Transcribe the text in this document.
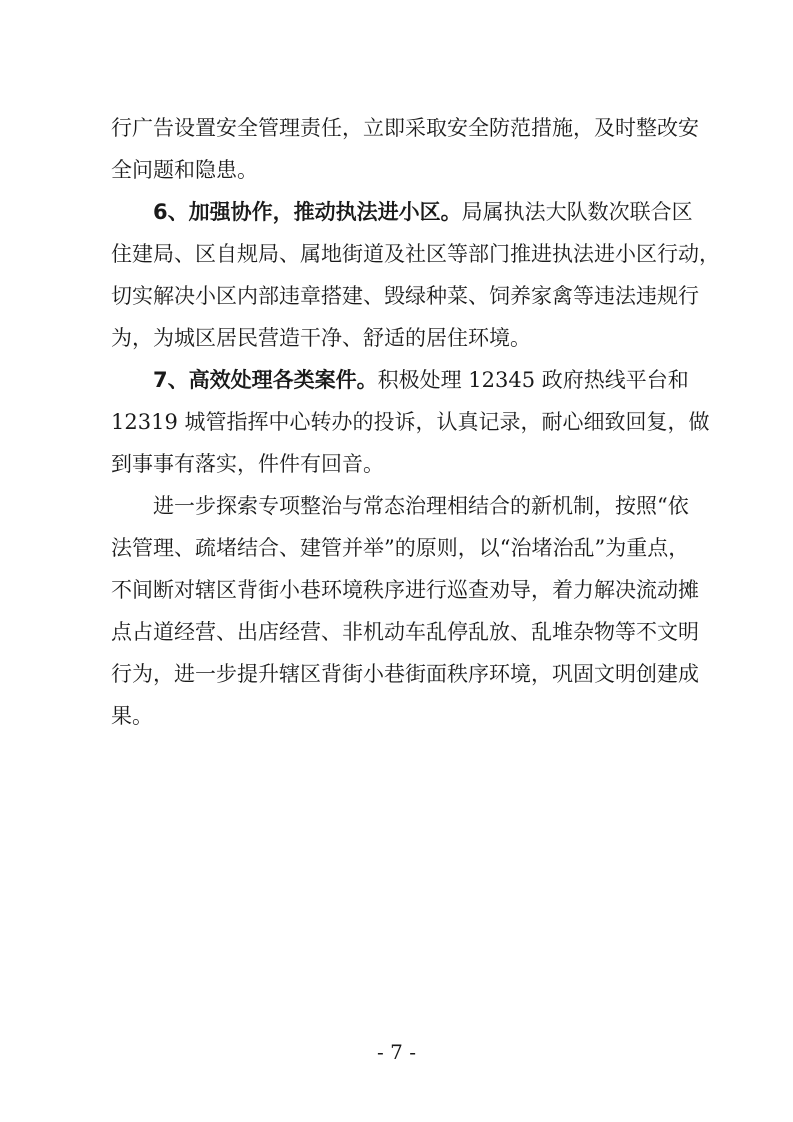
行广告设置安全管理责任，立即采取安全防范措施，及时整改安
全问题和隐患。
6、加强协作，推动执法进小区。局属执法大队数次联合区
住建局、区自规局、属地街道及社区等部门推进执法进小区行动，
切实解决小区内部违章搭建、毁绿种菜、饲养家禽等违法违规行
为，为城区居民营造干净、舒适的居住环境。
7、高效处理各类案件。积极处理 12345 政府热线平台和
12319 城管指挥中心转办的投诉，认真记录，耐心细致回复，做
到事事有落实，件件有回音。
进一步探索专项整治与常态治理相结合的新机制，按照“依
法管理、疏堵结合、建管并举”的原则，以“治堵治乱”为重点，
不间断对辖区背街小巷环境秩序进行巡查劝导，着力解决流动摊
点占道经营、出店经营、非机动车乱停乱放、乱堆杂物等不文明
行为，进一步提升辖区背街小巷街面秩序环境，巩固文明创建成
果。
- 7 -
